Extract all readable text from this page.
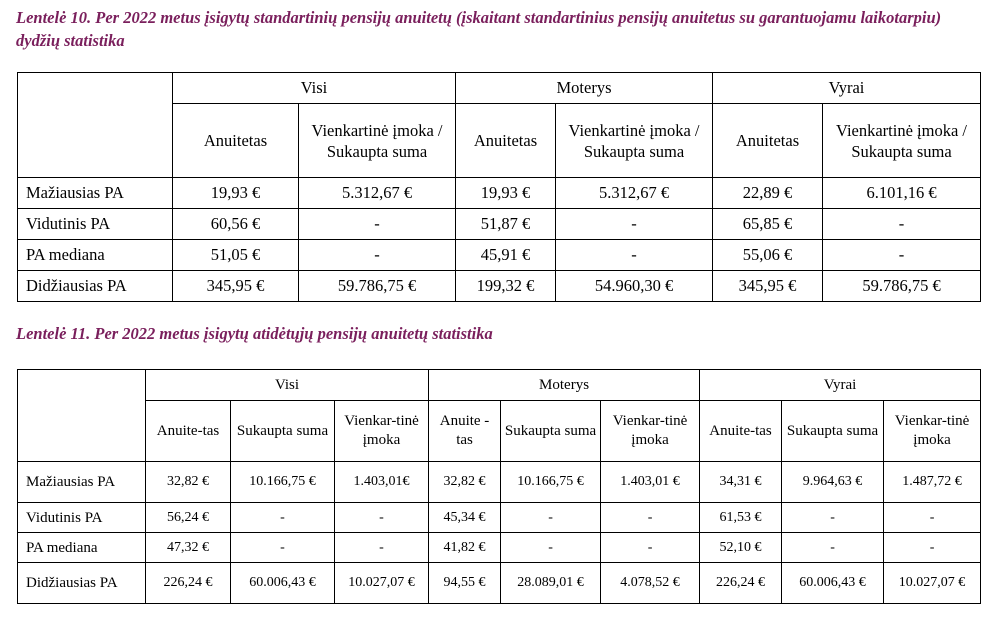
Lentelė 10. Per 2022 metus įsigytų standartinių pensijų anuitetų (įskaitant standartinius pensijų anuitetus su garantuojamu laikotarpiu) dydžių statistika

	Visi		Moterys		Vyrai	
	Anuitetas	Vienkartinė įmoka / Sukaupta suma	Anuitetas	Vienkartinė įmoka / Sukaupta suma	Anuitetas	Vienkartinė įmoka / Sukaupta suma
Mažiausias PA	19,93 €	5.312,67 €	19,93 €	5.312,67 €	22,89 €	6.101,16 €
Vidutinis PA	60,56 €	-	51,87 €	-	65,85 €	-
PA mediana	51,05 €	-	45,91 €	-	55,06 €	-
Didžiausias PA	345,95 €	59.786,75 €	199,32 €	54.960,30 €	345,95 €	59.786,75 €

Lentelė 11. Per 2022 metus įsigytų atidėtųjų pensijų anuitetų statistika

	Visi			Moterys			Vyrai		
	Anuite-tas	Sukaupta suma	Vienkar-tinė įmoka	Anuite -tas	Sukaupta suma	Vienkar-tinė įmoka	Anuite-tas	Sukaupta suma	Vienkar-tinė įmoka
Mažiausias PA	32,82 €	10.166,75 €	1.403,01€	32,82 €	10.166,75 €	1.403,01 €	34,31 €	9.964,63 €	1.487,72 €
Vidutinis PA	56,24 €	-	-	45,34 €	-	-	61,53 €	-	-
PA mediana	47,32 €	-	-	41,82 €	-	-	52,10 €	-	-
Didžiausias PA	226,24 €	60.006,43 €	10.027,07 €	94,55 €	28.089,01 €	4.078,52 €	226,24 €	60.006,43 €	10.027,07 €
